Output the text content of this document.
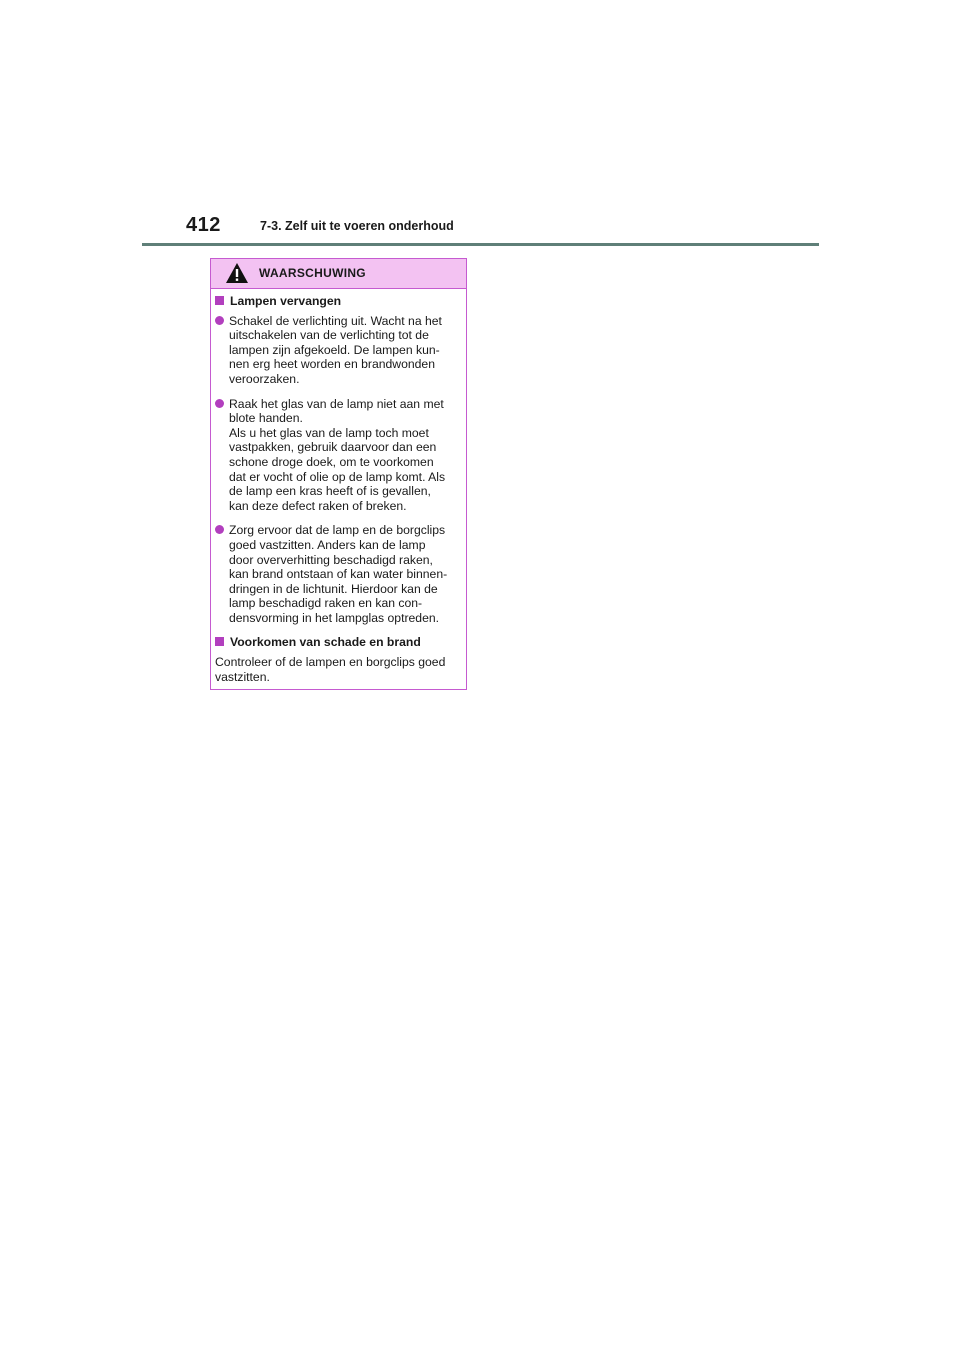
412	7-3. Zelf uit te voeren onderhoud
WAARSCHUWING
Lampen vervangen
Schakel de verlichting uit. Wacht na het
uitschakelen van de verlichting tot de
lampen zijn afgekoeld. De lampen kun-
nen erg heet worden en brandwonden
veroorzaken.
Raak het glas van de lamp niet aan met
blote handen.
Als u het glas van de lamp toch moet
vastpakken, gebruik daarvoor dan een
schone droge doek, om te voorkomen
dat er vocht of olie op de lamp komt. Als
de lamp een kras heeft of is gevallen,
kan deze defect raken of breken.
Zorg ervoor dat de lamp en de borgclips
goed vastzitten. Anders kan de lamp
door oververhitting beschadigd raken,
kan brand ontstaan of kan water binnen-
dringen in de lichtunit. Hierdoor kan de
lamp beschadigd raken en kan con-
densvorming in het lampglas optreden.
Voorkomen van schade en brand
Controleer of de lampen en borgclips goed
vastzitten.
